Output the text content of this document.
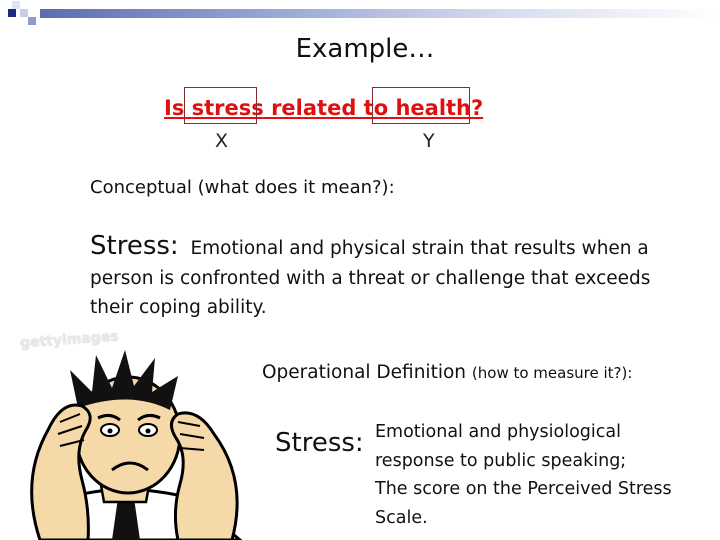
Example…
Is stress related to health?
X	Y
Conceptual (what does it mean?):
Stress: Emotional and physical strain that results when a
person is confronted with a threat or challenge that exceeds
their coping ability.
gettyimages
Operational Definition (how to measure it?):
Stress: Emotional and physiological
response to public speaking;
The score on the Perceived Stress
Scale.
